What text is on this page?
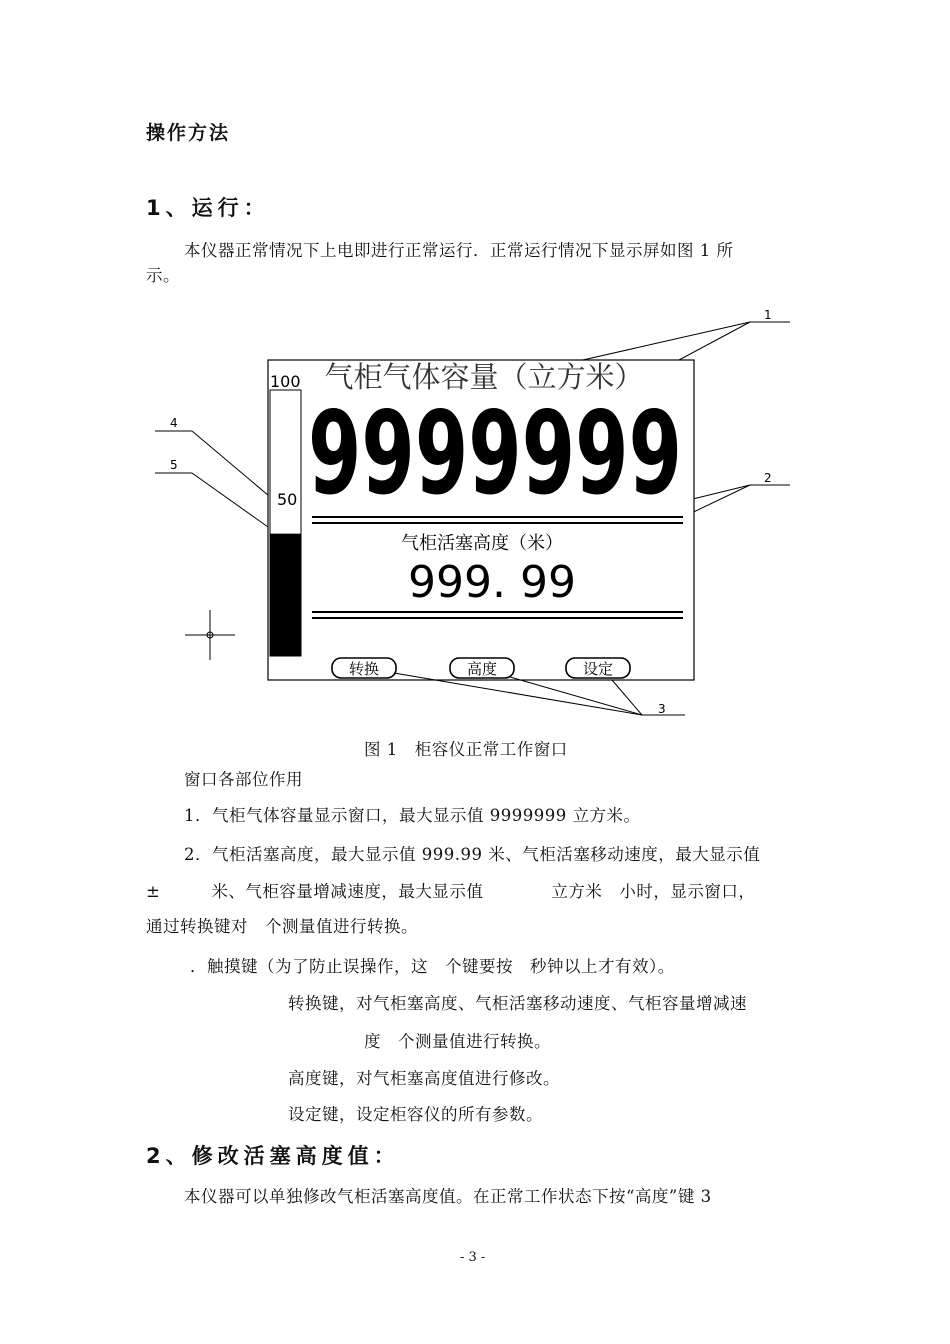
操作方法
1、运行：
本仪器正常情况下上电即进行正常运行．正常运行情况下显示屏如图 1 所
示。
1
2
4
5
100
50
气柜气体容量（立方米）
9999999
气柜活塞高度（米）
999. 99
转换	高度	设定
3
图 1　柜容仪正常工作窗口
窗口各部位作用
1．气柜气体容量显示窗口，最大显示值 9999999 立方米。
2．气柜活塞高度，最大显示值 999.99 米、气柜活塞移动速度，最大显示值
±　　　米、气柜容量增减速度，最大显示值　　　　立方米　小时，显示窗口，
通过转换键对　个测量值进行转换。
．触摸键（为了防止误操作，这　个键要按　秒钟以上才有效）。
转换键，对气柜塞高度、气柜活塞移动速度、气柜容量增减速
度　个测量值进行转换。
高度键，对气柜塞高度值进行修改。
设定键，设定柜容仪的所有参数。
2、修改活塞高度值：
本仪器可以单独修改气柜活塞高度值。在正常工作状态下按“高度”键 3
- 3 -
